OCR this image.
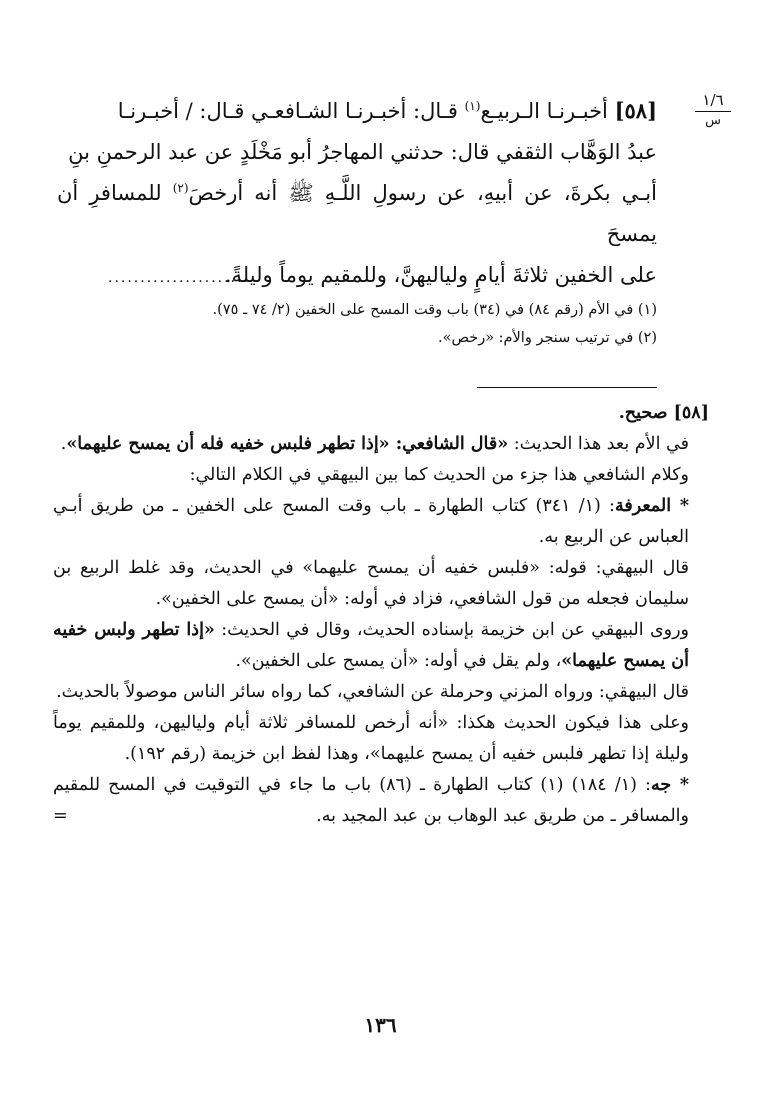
١/٦
س

[٥٨] أخبـرنـا الـربيـع$^{(١)}$ قـال: أخبـرنـا الشـافعـي قـال: / أخبـرنـا

عبدُ الوَهَّاب الثقفي قال: حدثني المهاجرُ أبو مَخْلَدٍ عن عبد الرحمنِ بنِ

أبـي بكرةَ، عن أبيهِ، عن رسولِ اللَّـهِ ﷺ أنه أرخصَ$^{(٢)}$ للمسافرِ أن يمسحَ

على الخفين ثلاثةَ أيامٍ ولياليهنَّ، وللمقيم يوماً وليلةً.

......................

(١) في الأم (رقم ٨٤) في (٣٤) باب وقت المسح على الخفين (٢/ ٧٤ ـ ٧٥).

(٢) في ترتيب سنجر والأم: «رخص».

[٥٨] صحيح.

في الأم بعد هذا الحديث: «قال الشافعي: «إذا تطهر فلبس خفيه فله أن يمسح عليهما».

وكلام الشافعي هذا جزء من الحديث كما بين البيهقي في الكلام التالي:

* المعرفة: (١/ ٣٤١) كتاب الطهارة ـ باب وقت المسح على الخفين ـ من طريق أبـي العباس عن الربيع به.

قال البيهقي: قوله: «فلبس خفيه أن يمسح عليهما» في الحديث، وقد غلط الربيع بن سليمان فجعله من قول الشافعي، فزاد في أوله: «أن يمسح على الخفين».

وروى البيهقي عن ابن خزيمة بإسناده الحديث، وقال في الحديث: «إذا تطهر ولبس خفيه أن يمسح عليهما»، ولم يقل في أوله: «أن يمسح على الخفين».

قال البيهقي: ورواه المزني وحرملة عن الشافعي، كما رواه سائر الناس موصولاً بالحديث.

وعلى هذا فيكون الحديث هكذا: «أنه أرخص للمسافر ثلاثة أيام ولياليهن، وللمقيم يوماً وليلة إذا تطهر فلبس خفيه أن يمسح عليهما»، وهذا لفظ ابن خزيمة (رقم ١٩٢).

* جه: (١/ ١٨٤) (١) كتاب الطهارة ـ (٨٦) باب ما جاء في التوقيت في المسح للمقيم والمسافر ـ من طريق عبد الوهاب بن عبد المجيد به.
=

١٣٦
